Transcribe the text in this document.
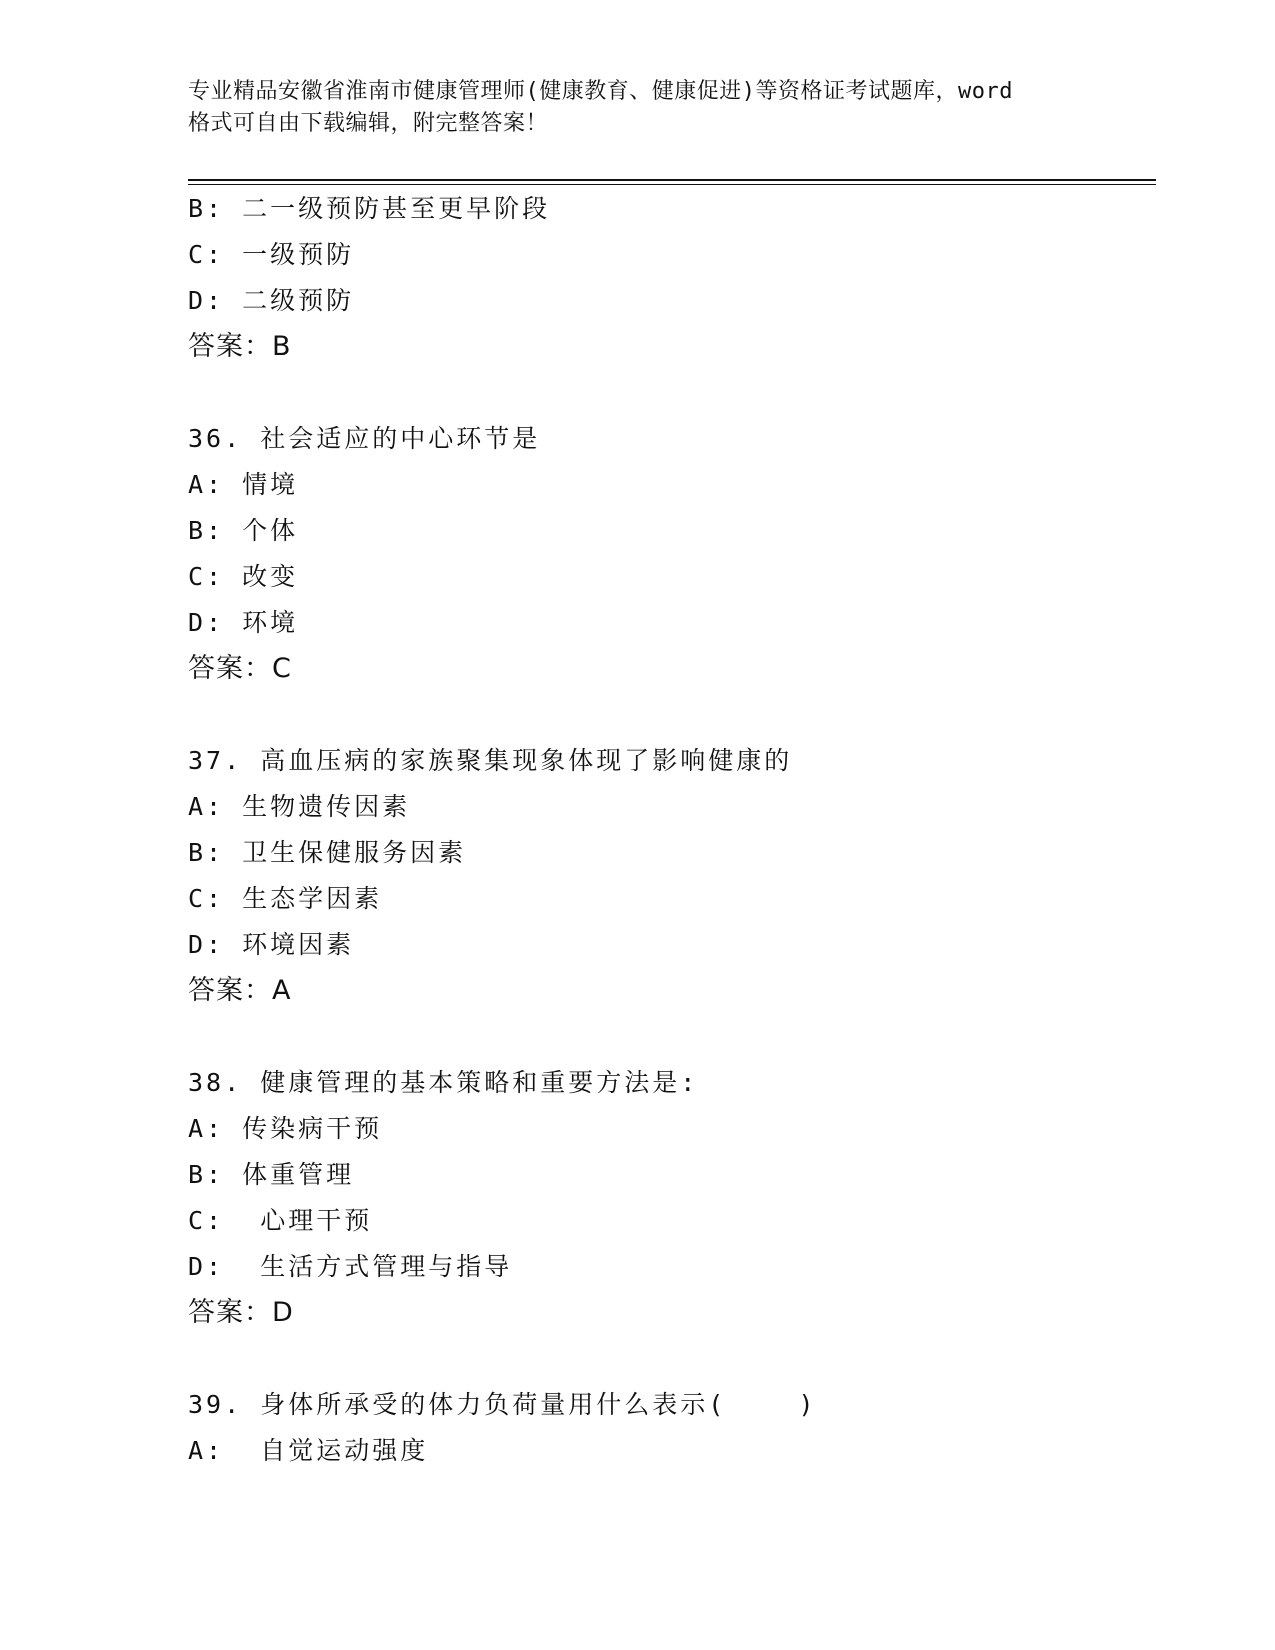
专业精品安徽省淮南市健康管理师(健康教育、健康促进)等资格证考试题库，word
格式可自由下载编辑，附完整答案！
B: 二一级预防甚至更早阶段
C: 一级预防
D: 二级预防
答案：B
36. 社会适应的中心环节是
A: 情境
B: 个体
C: 改变
D: 环境
答案：C
37. 高血压病的家族聚集现象体现了影响健康的
A: 生物遗传因素
B: 卫生保健服务因素
C: 生态学因素
D: 环境因素
答案：A
38. 健康管理的基本策略和重要方法是:
A: 传染病干预
B: 体重管理
C:  心理干预
D:  生活方式管理与指导
答案：D
39. 身体所承受的体力负荷量用什么表示(    )
A:  自觉运动强度
